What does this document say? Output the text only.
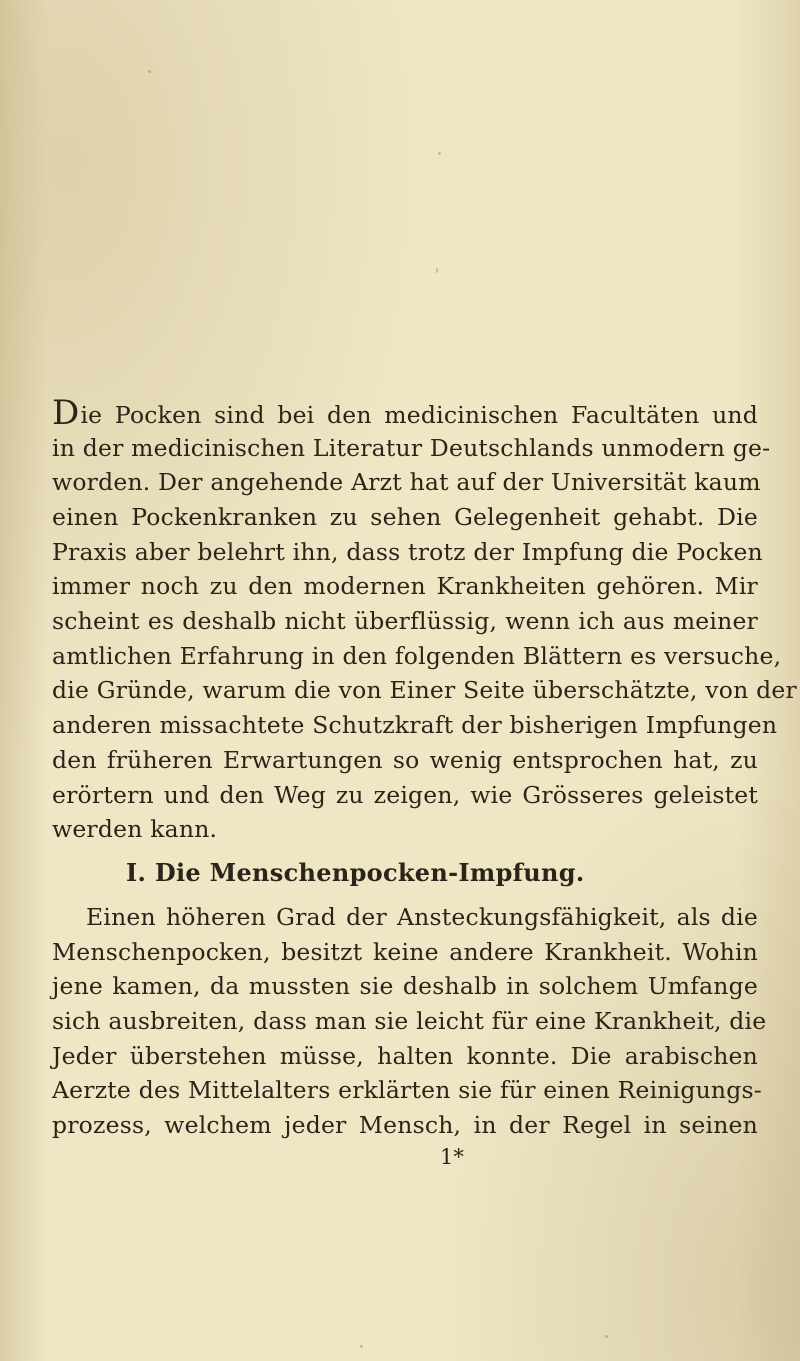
Die Pocken sind bei den medicinischen Facultäten und
in der medicinischen Literatur Deutschlands unmodern ge-
worden. Der angehende Arzt hat auf der Universität kaum
einen Pockenkranken zu sehen Gelegenheit gehabt. Die
Praxis aber belehrt ihn, dass trotz der Impfung die Pocken
immer noch zu den modernen Krankheiten gehören. Mir
scheint es deshalb nicht überflüssig, wenn ich aus meiner
amtlichen Erfahrung in den folgenden Blättern es versuche,
die Gründe, warum die von Einer Seite überschätzte, von der
anderen missachtete Schutzkraft der bisherigen Impfungen
den früheren Erwartungen so wenig entsprochen hat, zu
erörtern und den Weg zu zeigen, wie Grösseres geleistet
werden kann.
I. Die Menschenpocken-Impfung.
Einen höheren Grad der Ansteckungsfähigkeit, als die
Menschenpocken, besitzt keine andere Krankheit. Wohin
jene kamen, da mussten sie deshalb in solchem Umfange
sich ausbreiten, dass man sie leicht für eine Krankheit, die
Jeder überstehen müsse, halten konnte. Die arabischen
Aerzte des Mittelalters erklärten sie für einen Reinigungs-
prozess, welchem jeder Mensch, in der Regel in seinen
1*
